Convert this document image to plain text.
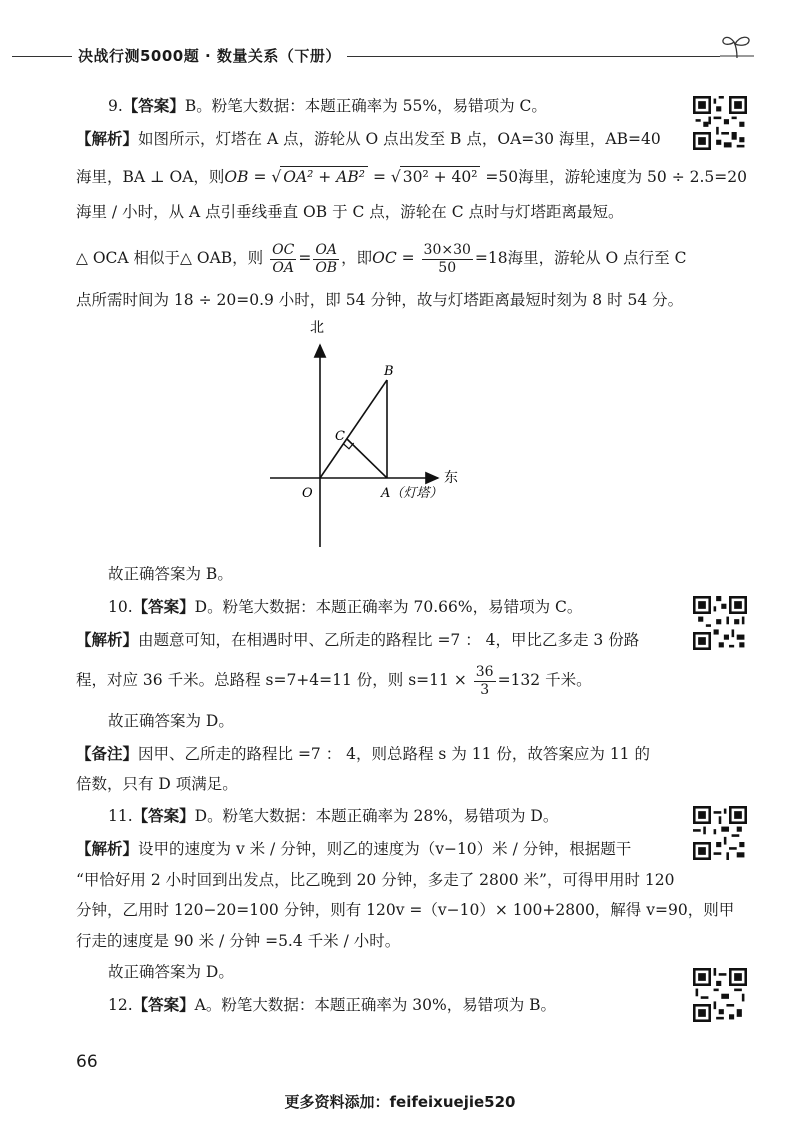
决战行测5000题 · 数量关系（下册）
9.【答案】B。粉笔大数据：本题正确率为 55%，易错项为 C。
【解析】如图所示，灯塔在 A 点，游轮从 O 点出发至 B 点，OA=30 海里，AB=40
海里，BA ⊥ OA，则OB = √ OA² + AB² = √ 30² + 40² =50海里，游轮速度为 50 ÷ 2.5=20
海里 / 小时，从 A 点引垂线垂直 OB 于 C 点，游轮在 C 点时与灯塔距离最短。
△ OCA 相似于△ OAB，则 $\frac{OC}{OA} = \frac{OA}{OB}$ ，即OC = $\frac{30\times 30}{50} =18$海里，游轮从 O 点行至 C
点所需时间为 18 ÷ 20=0.9 小时，即 54 分钟，故与灯塔距离最短时刻为 8 时 54 分。
北
东
O	A（灯塔）
B
C
故正确答案为 B。
10.【答案】D。粉笔大数据：本题正确率为 70.66%，易错项为 C。
【解析】由题意可知，在相遇时甲、乙所走的路程比 =7 ： 4，甲比乙多走 3 份路
程，对应 36 千米。总路程 s=7+4=11 份，则 $s=11 \times \frac{36}{3} =132$ 千米。
故正确答案为 D。
【备注】因甲、乙所走的路程比 =7 ： 4，则总路程 s 为 11 份，故答案应为 11 的
倍数，只有 D 项满足。
11.【答案】D。粉笔大数据：本题正确率为 28%，易错项为 D。
【解析】设甲的速度为 v 米 / 分钟，则乙的速度为（v−10）米 / 分钟，根据题干
“甲恰好用 2 小时回到出发点，比乙晚到 20 分钟，多走了 2800 米”，可得甲用时 120
分钟，乙用时 120−20=100 分钟，则有 120v =（v−10）× 100+2800，解得 v=90，则甲
行走的速度是 90 米 / 分钟 =5.4 千米 / 小时。
故正确答案为 D。
12.【答案】A。粉笔大数据：本题正确率为 30%，易错项为 B。
66
更多资料添加：feifeixuejie520
